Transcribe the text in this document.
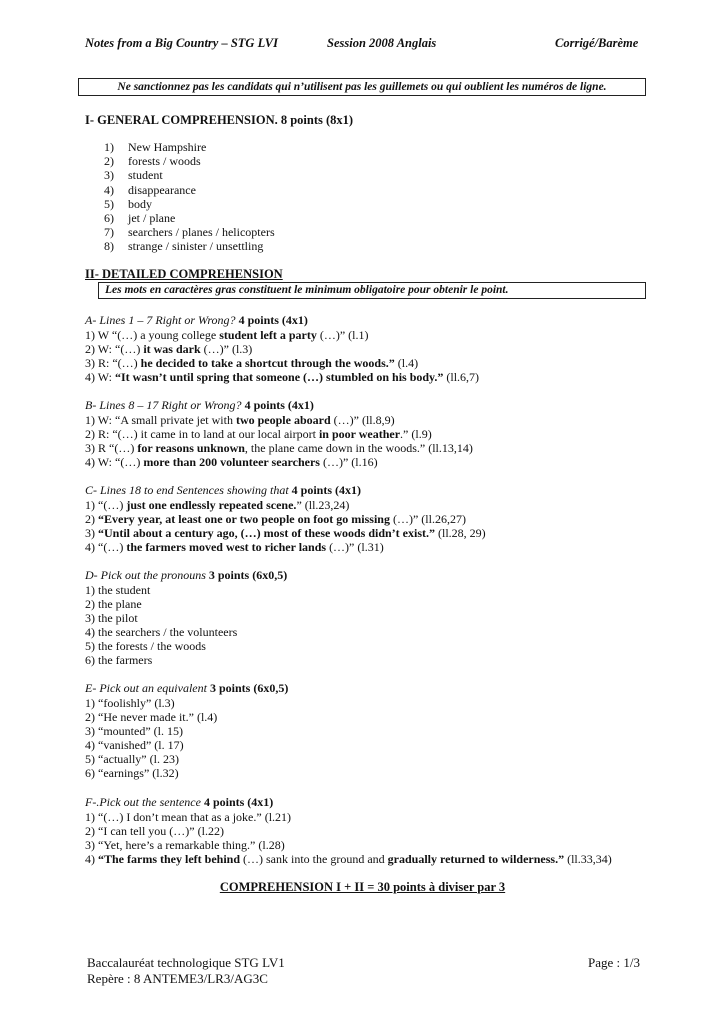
Notes from a Big Country – STG LVI	Session 2008 Anglais	Corrigé/Barème
Ne sanctionnez pas les candidats qui n’utilisent pas les guillemets ou qui oublient les numéros de ligne.
I- GENERAL COMPREHENSION. 8 points (8x1)
1) New Hampshire
2) forests / woods
3) student
4) disappearance
5) body
6) jet / plane
7) searchers / planes / helicopters
8) strange / sinister / unsettling
II- DETAILED COMPREHENSION
Les mots en caractères gras constituent le minimum obligatoire pour obtenir le point.
A- Lines 1 – 7 Right or Wrong? 4 points (4x1)
1) W “(…) a young college student left a party (…)” (l.1)
2) W: “(…) it was dark (…)” (l.3)
3) R: “(…) he decided to take a shortcut through the woods.” (l.4)
4) W: “It wasn’t until spring that someone (…) stumbled on his body.” (ll.6,7)
B- Lines 8 – 17 Right or Wrong? 4 points (4x1)
1) W: “A small private jet with two people aboard (…)” (ll.8,9)
2) R: “(…) it came in to land at our local airport in poor weather.” (l.9)
3) R “(…) for reasons unknown, the plane came down in the woods.” (ll.13,14)
4) W: “(…) more than 200 volunteer searchers (…)” (l.16)
C- Lines 18 to end Sentences showing that 4 points (4x1)
1) “(…) just one endlessly repeated scene.” (ll.23,24)
2) “Every year, at least one or two people on foot go missing (…)” (ll.26,27)
3) “Until about a century ago, (…) most of these woods didn’t exist.” (ll.28, 29)
4) “(…) the farmers moved west to richer lands (…)” (l.31)
D- Pick out the pronouns 3 points (6x0,5)
1) the student
2) the plane
3) the pilot
4) the searchers / the volunteers
5) the forests / the woods
6) the farmers
E- Pick out an equivalent 3 points (6x0,5)
1) “foolishly” (l.3)
2) “He never made it.” (l.4)
3) “mounted” (l. 15)
4) “vanished” (l. 17)
5) “actually” (l. 23)
6) “earnings” (l.32)
F-.Pick out the sentence 4 points (4x1)
1) “(…) I don’t mean that as a joke.” (l.21)
2) “I can tell you (…)” (l.22)
3) “Yet, here’s a remarkable thing.” (l.28)
4) “The farms they left behind (…) sank into the ground and gradually returned to wilderness.” (ll.33,34)
COMPREHENSION I + II = 30 points à diviser par 3
Baccalauréat technologique STG LV1
Repère : 8 ANTEME3/LR3/AG3C
Page : 1/3
